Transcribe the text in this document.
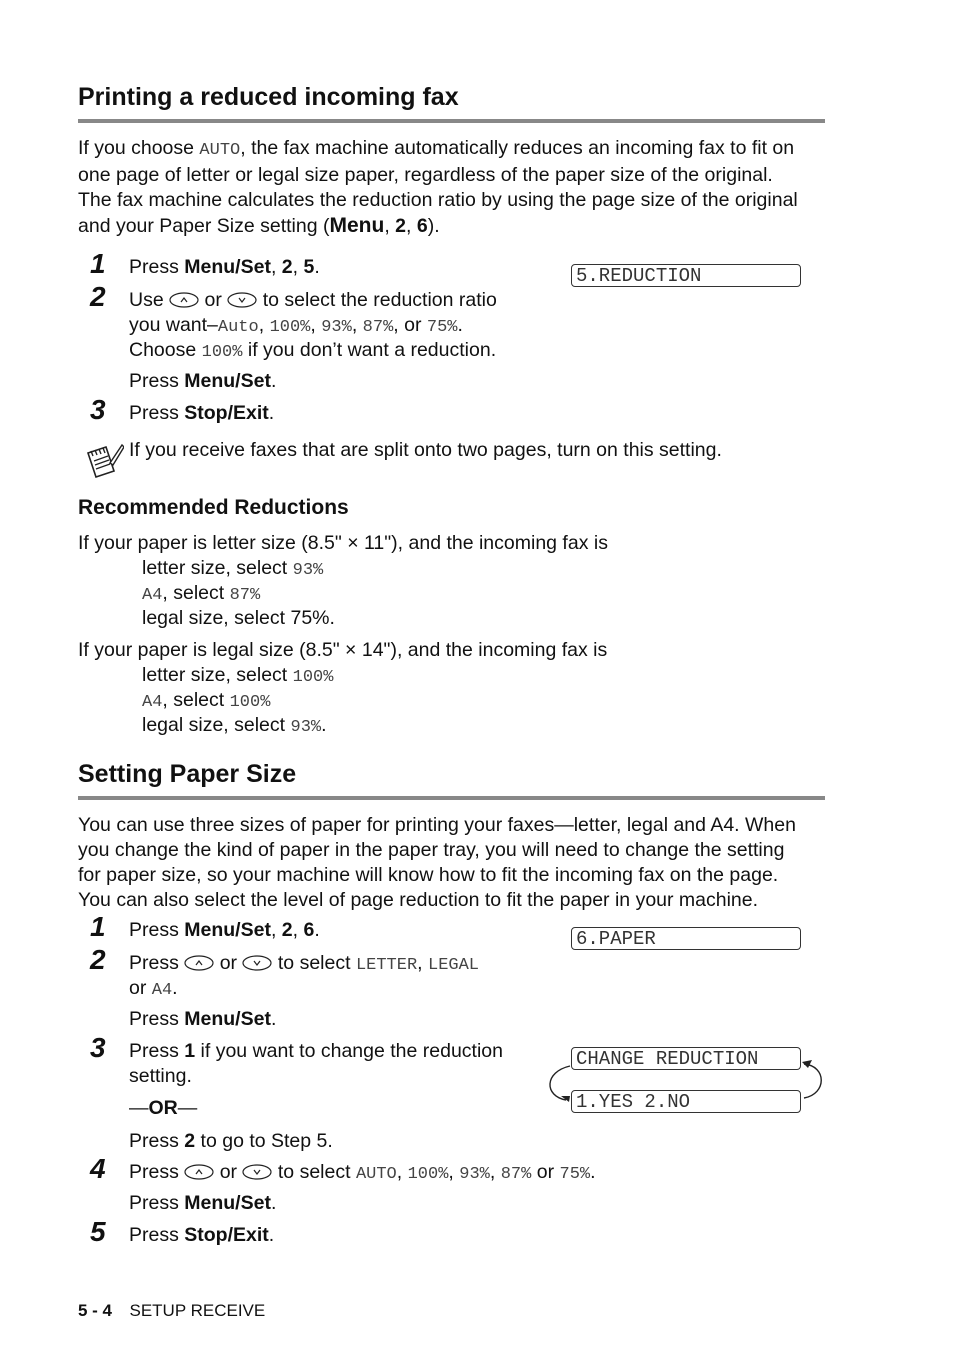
Printing a reduced incoming fax
If you choose AUTO, the fax machine automatically reduces an incoming fax to fit on
one page of letter or legal size paper, regardless of the paper size of the original.
The fax machine calculates the reduction ratio by using the page size of the original
and your Paper Size setting (Menu, 2, 6).
1 Press Menu/Set, 2, 5.	5.REDUCTION
2 Use or to select the reduction ratio
you want–Auto, 100%, 93%, 87%, or 75%.
Choose 100% if you don’t want a reduction.
Press Menu/Set.
3 Press Stop/Exit.
If you receive faxes that are split onto two pages, turn on this setting.
Recommended Reductions
If your paper is letter size (8.5" × 11"), and the incoming fax is
letter size, select 93%
A4, select 87%
legal size, select 75%.
If your paper is legal size (8.5" × 14"), and the incoming fax is
letter size, select 100%
A4, select 100%
legal size, select 93%.
Setting Paper Size
You can use three sizes of paper for printing your faxes—letter, legal and A4. When
you change the kind of paper in the paper tray, you will need to change the setting
for paper size, so your machine will know how to fit the incoming fax on the page.
You can also select the level of page reduction to fit the paper in your machine.
1 Press Menu/Set, 2, 6.	6.PAPER
2 Press or to select LETTER, LEGAL
or A4.
Press Menu/Set.
3 Press 1 if you want to change the reduction
setting.
—OR—
Press 2 to go to Step 5.
CHANGE REDUCTION
1.YES 2.NO
4 Press or to select AUTO, 100%, 93%, 87% or 75%.
Press Menu/Set.
5 Press Stop/Exit.
5 - 4 SETUP RECEIVE
